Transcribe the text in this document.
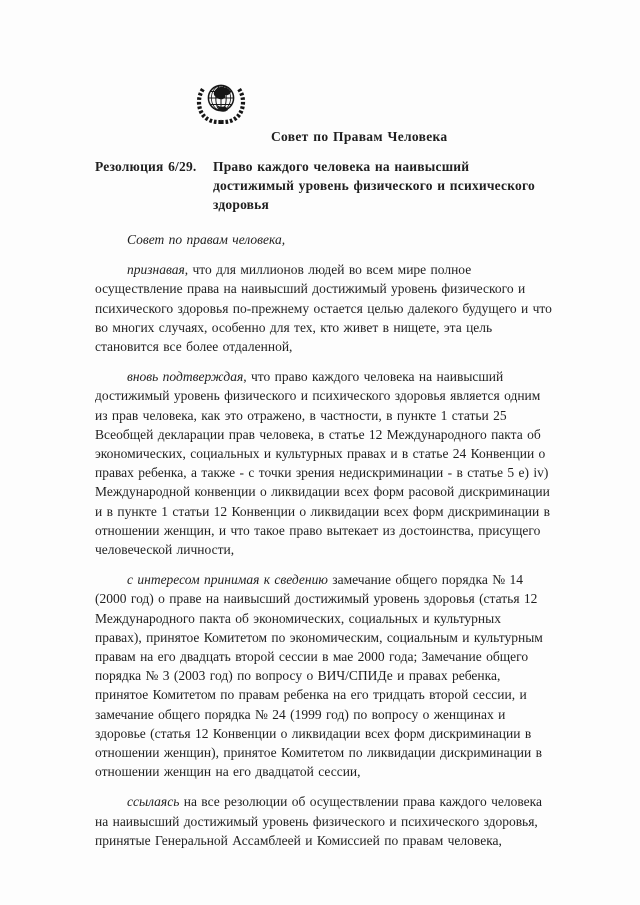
Совет по Правам Человека
Резолюция 6/29.	Право каждого человека на наивысший достижимый уровень физического и психического здоровья

Совет по правам человека,

признавая, что для миллионов людей во всем мире полное осуществление права на наивысший достижимый уровень физического и психического здоровья по-прежнему остается целью далекого будущего и что во многих случаях, особенно для тех, кто живет в нищете, эта цель становится все более отдаленной,

вновь подтверждая, что право каждого человека на наивысший достижимый уровень физического и психического здоровья является одним из прав человека, как это отражено, в частности, в пункте 1 статьи 25 Всеобщей декларации прав человека, в статье 12 Международного пакта об экономических, социальных и культурных правах и в статье 24 Конвенции о правах ребенка, а также - с точки зрения недискриминации - в статье 5 e) iv) Международной конвенции о ликвидации всех форм расовой дискриминации и в пункте 1 статьи 12 Конвенции о ликвидации всех форм дискриминации в отношении женщин, и что такое право вытекает из достоинства, присущего человеческой личности,

с интересом принимая к сведению замечание общего порядка № 14 (2000 год) о праве на наивысший достижимый уровень здоровья (статья 12 Международного пакта об экономических, социальных и культурных правах), принятое Комитетом по экономическим, социальным и культурным правам на его двадцать второй сессии в мае 2000 года; Замечание общего порядка № 3 (2003 год) по вопросу о ВИЧ/СПИДе и правах ребенка, принятое Комитетом по правам ребенка на его тридцать второй сессии, и замечание общего порядка № 24 (1999 год) по вопросу о женщинах и здоровье (статья 12 Конвенции о ликвидации всех форм дискриминации в отношении женщин), принятое Комитетом по ликвидации дискриминации в отношении женщин на его двадцатой сессии,

ссылаясь на все резолюции об осуществлении права каждого человека на наивысший достижимый уровень физического и психического здоровья, принятые Генеральной Ассамблеей и Комиссией по правам человека,
